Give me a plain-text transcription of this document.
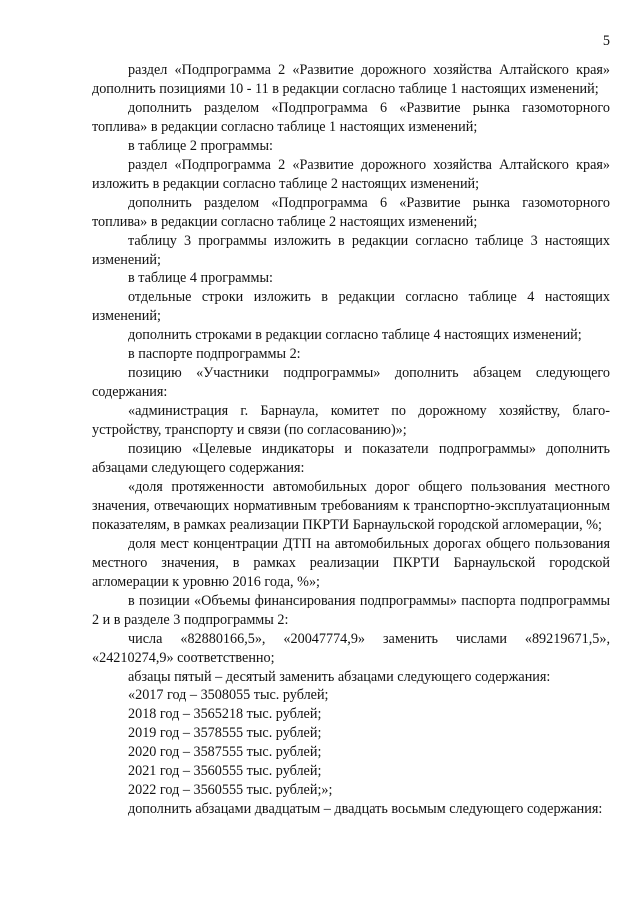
5

раздел «Подпрограмма 2 «Развитие дорожного хозяйства Алтайского края» дополнить позициями 10 - 11 в редакции согласно таблице 1 настоящих изменений;

дополнить разделом «Подпрограмма 6 «Развитие рынка газомоторного топлива» в редакции согласно таблице 1 настоящих изменений;

в таблице 2 программы:

раздел «Подпрограмма 2 «Развитие дорожного хозяйства Алтайского края» изложить в редакции согласно таблице 2 настоящих изменений;

дополнить разделом «Подпрограмма 6 «Развитие рынка газомоторного топлива» в редакции согласно таблице 2 настоящих изменений;

таблицу 3 программы изложить в редакции согласно таблице 3 настоящих изменений;

в таблице 4 программы:

отдельные строки изложить в редакции согласно таблице 4 настоящих изменений;

дополнить строками в редакции согласно таблице 4 настоящих изменений;

в паспорте подпрограммы 2:

позицию «Участники подпрограммы» дополнить абзацем следующего содержания:

«администрация г. Барнаула, комитет по дорожному хозяйству, благоустройству, транспорту и связи (по согласованию)»;

позицию «Целевые индикаторы и показатели подпрограммы» дополнить абзацами следующего содержания:

«доля протяженности автомобильных дорог общего пользования местного значения, отвечающих нормативным требованиям к транспортно-эксплуатационным показателям, в рамках реализации ПКРТИ Барнаульской городской агломерации, %;

доля мест концентрации ДТП на автомобильных дорогах общего пользования местного значения, в рамках реализации ПКРТИ Барнаульской городской агломерации к уровню 2016 года, %»;

в позиции «Объемы финансирования подпрограммы» паспорта подпрограммы 2 и в разделе 3 подпрограммы 2:

числа «82880166,5», «20047774,9» заменить числами «89219671,5», «24210274,9» соответственно;

абзацы пятый – десятый заменить абзацами следующего содержания:

«2017 год – 3508055 тыс. рублей;

2018 год – 3565218 тыс. рублей;

2019 год – 3578555 тыс. рублей;

2020 год – 3587555 тыс. рублей;

2021 год – 3560555 тыс. рублей;

2022 год – 3560555 тыс. рублей;»;

дополнить абзацами двадцатым – двадцать восьмым следующего содержания:
